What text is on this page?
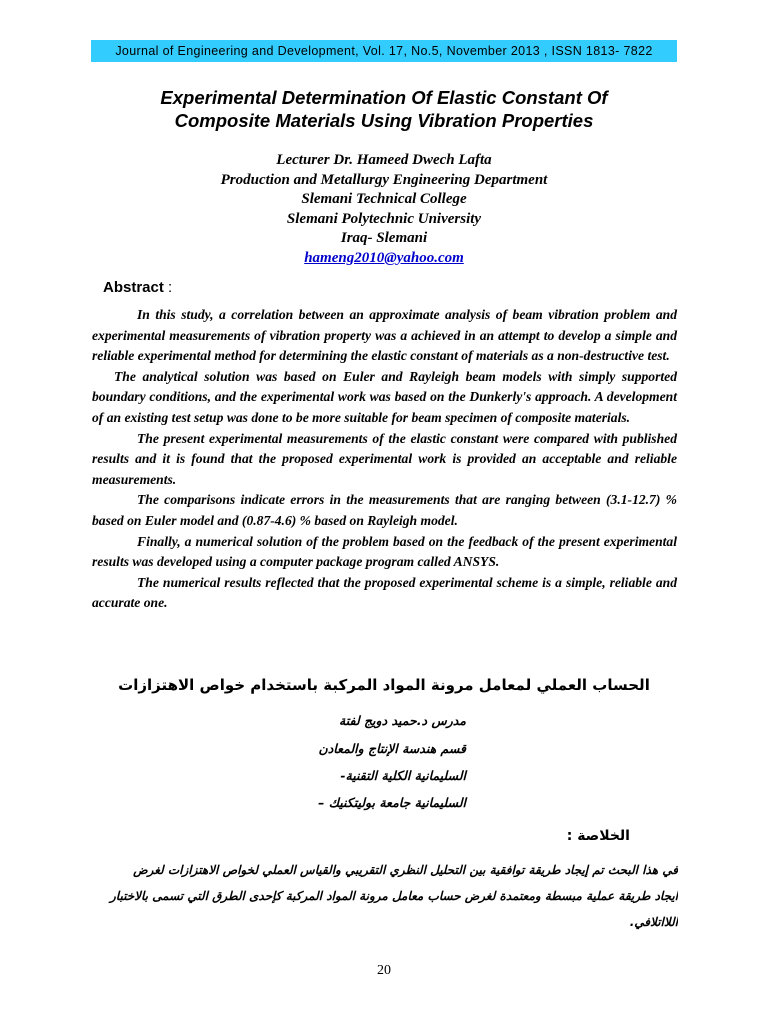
Journal of Engineering and Development, Vol. 17, No.5, November 2013 , ISSN 1813- 7822
Experimental Determination Of Elastic Constant Of
Composite Materials Using Vibration Properties
Lecturer Dr. Hameed Dwech Lafta
Production and Metallurgy Engineering Department
Slemani Technical College
Slemani Polytechnic University
Iraq- Slemani
hameng2010@yahoo.com
Abstract :

In this study, a correlation between an approximate analysis of beam vibration problem and experimental measurements of vibration property was a achieved in an attempt to develop a simple and reliable experimental method for determining the elastic constant of materials as a non-destructive test.

The analytical solution was based on Euler and Rayleigh beam models with simply supported boundary conditions, and the experimental work was based on the Dunkerly's approach. A development of an existing test setup was done to be more suitable for beam specimen of composite materials.

The present experimental measurements of the elastic constant were compared with published results and it is found that the proposed experimental work is provided an acceptable and reliable measurements.

The comparisons indicate errors in the measurements that are ranging between (3.1-12.7) % based on Euler model and (0.87-4.6) % based on Rayleigh model.

Finally, a numerical solution of the problem based on the feedback of the present experimental results was developed using a computer package program called ANSYS.

The numerical results reflected that the proposed experimental scheme is a simple, reliable and accurate one.

الحساب العملي لمعامل مرونة المواد المركبة باستخدام خواص الاهتزازات
مدرس د.حميد دويج لفتة
قسم هندسة الإنتاج والمعادن
السليمانية الكلية التقنية-
السليمانية جامعة بوليتكنيك –
الخلاصة :
في هذا البحث تم إيجاد طريقة توافقية بين التحليل النظري التقريبي والقياس العملي لخواص الاهتزازات لغرض
ايجاد طريقة عملية مبسطة ومعتمدة لغرض حساب معامل مرونة المواد المركبة كإحدى الطرق التي تسمى بالاختبار
اللااتلافي.
20
